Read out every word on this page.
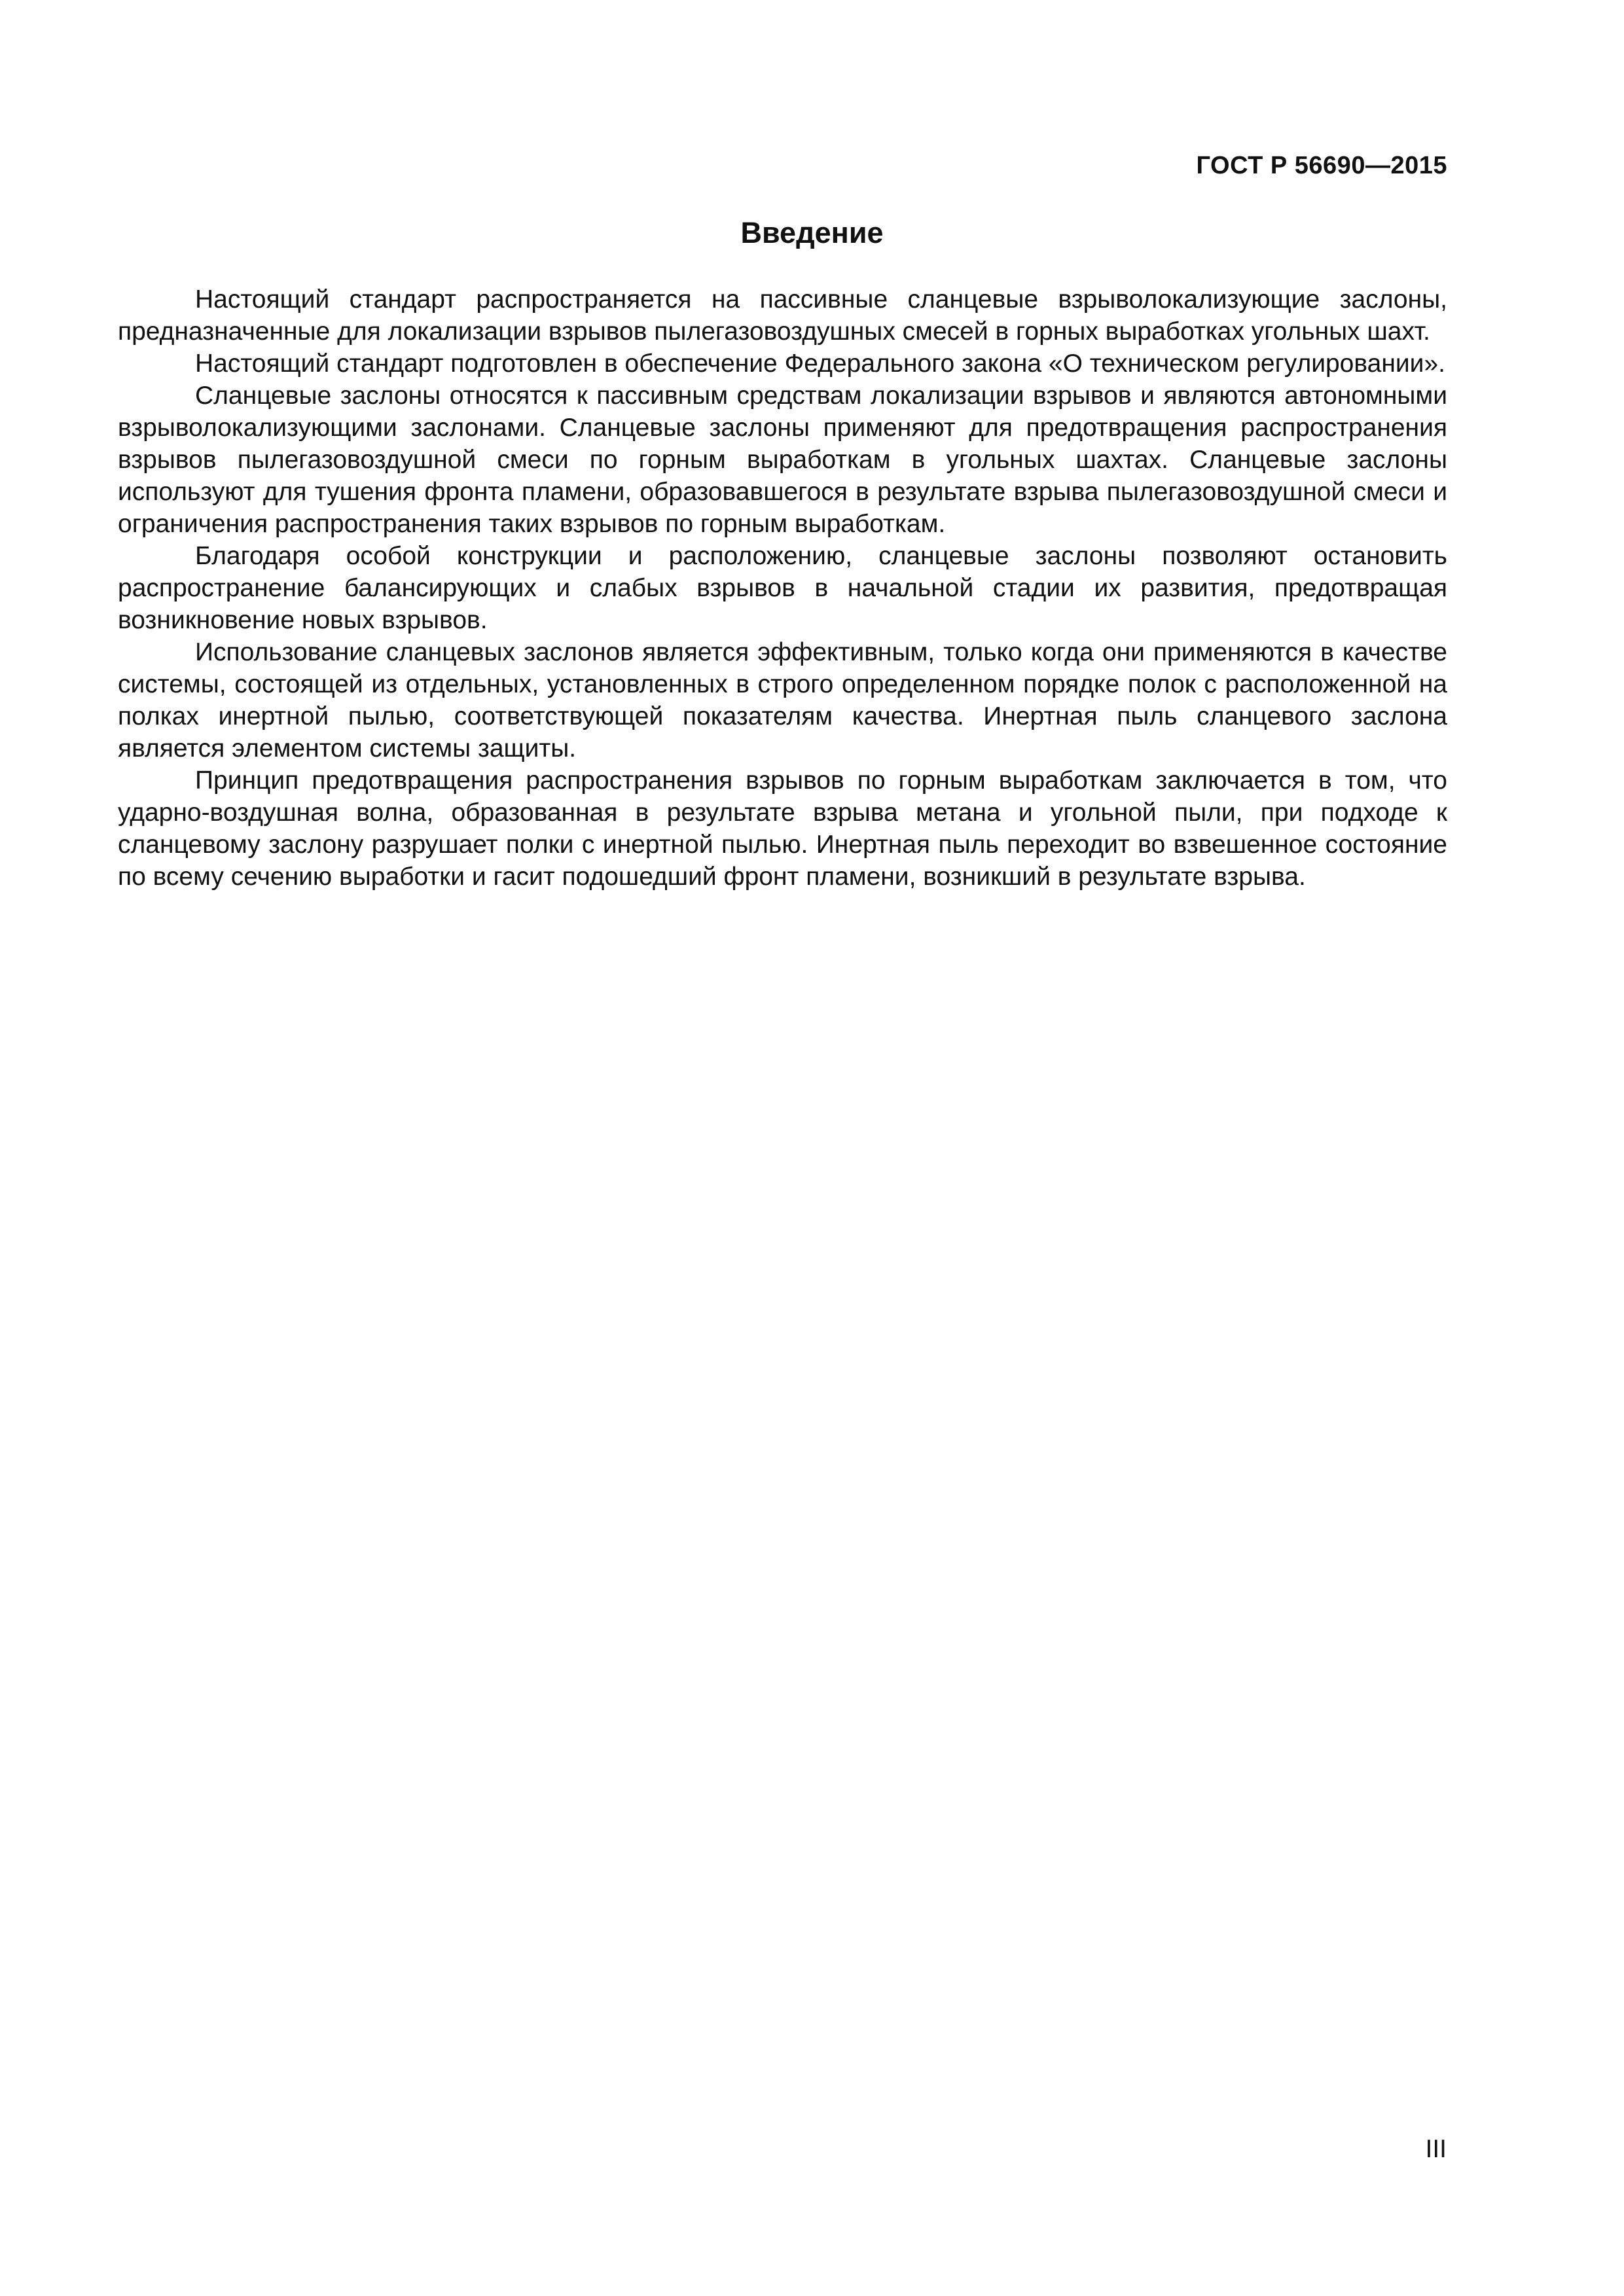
ГОСТ Р 56690—2015
Введение

Настоящий стандарт распространяется на пассивные сланцевые взрыволокализующие заслоны, предназначенные для локализации взрывов пылегазовоздушных смесей в горных выработках угольных шахт.

Настоящий стандарт подготовлен в обеспечение Федерального закона «О техническом регулировании».

Сланцевые заслоны относятся к пассивным средствам локализации взрывов и являются автономными взрыволокализующими заслонами. Сланцевые заслоны применяют для предотвращения распространения взрывов пылегазовоздушной смеси по горным выработкам в угольных шахтах. Сланцевые заслоны используют для тушения фронта пламени, образовавшегося в результате взрыва пылегазовоздушной смеси и ограничения распространения таких взрывов по горным выработкам.

Благодаря особой конструкции и расположению, сланцевые заслоны позволяют остановить распространение балансирующих и слабых взрывов в начальной стадии их развития, предотвращая возникновение новых взрывов.

Использование сланцевых заслонов является эффективным, только когда они применяются в качестве системы, состоящей из отдельных, установленных в строго определенном порядке полок с расположенной на полках инертной пылью, соответствующей показателям качества. Инертная пыль сланцевого заслона является элементом системы защиты.

Принцип предотвращения распространения взрывов по горным выработкам заключается в том, что ударно-воздушная волна, образованная в результате взрыва метана и угольной пыли, при подходе к сланцевому заслону разрушает полки с инертной пылью. Инертная пыль переходит во взвешенное состояние по всему сечению выработки и гасит подошедший фронт пламени, возникший в результате взрыва.

III
